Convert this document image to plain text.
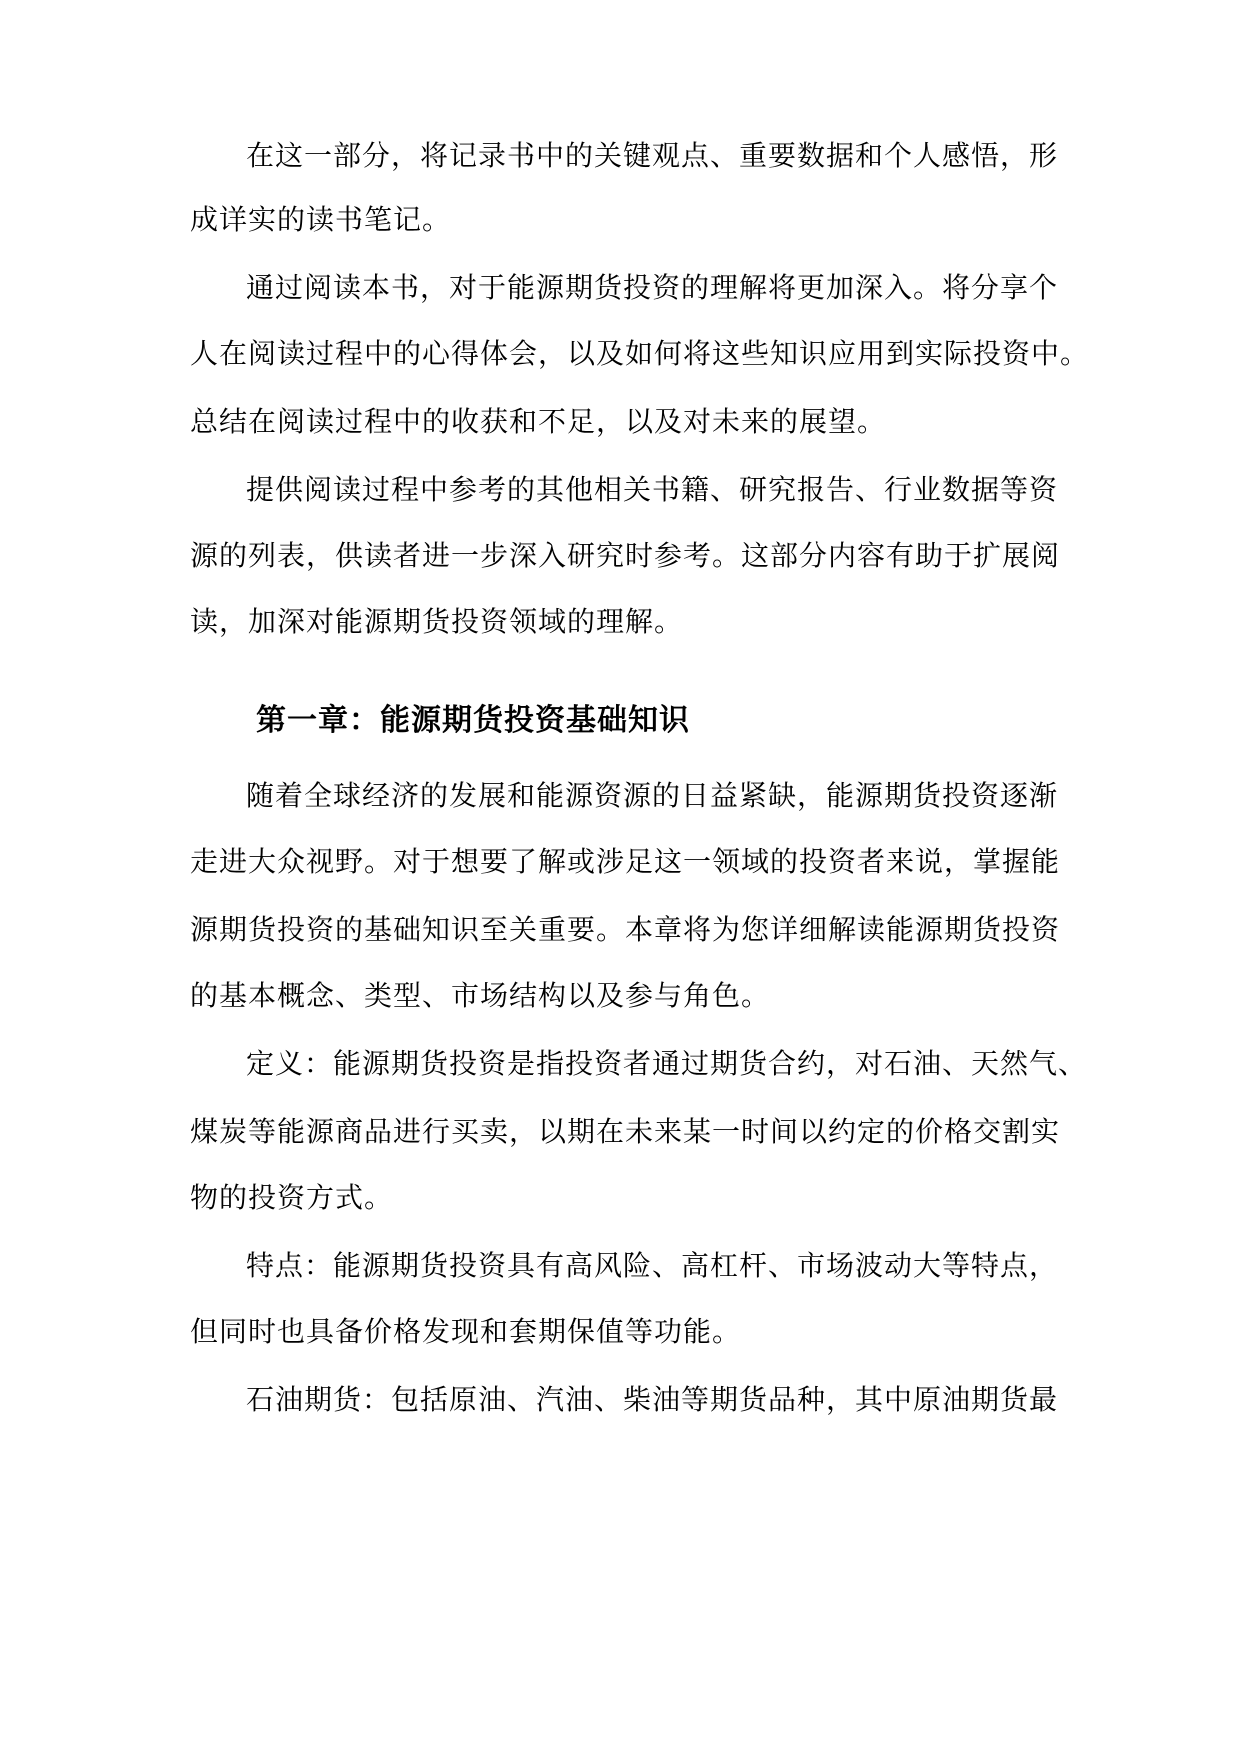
在这一部分，将记录书中的关键观点、重要数据和个人感悟，形

成详实的读书笔记。

通过阅读本书，对于能源期货投资的理解将更加深入。将分享个

人在阅读过程中的心得体会，以及如何将这些知识应用到实际投资中。

总结在阅读过程中的收获和不足，以及对未来的展望。

提供阅读过程中参考的其他相关书籍、研究报告、行业数据等资

源的列表，供读者进一步深入研究时参考。这部分内容有助于扩展阅

读，加深对能源期货投资领域的理解。

第一章：能源期货投资基础知识

随着全球经济的发展和能源资源的日益紧缺，能源期货投资逐渐

走进大众视野。对于想要了解或涉足这一领域的投资者来说，掌握能

源期货投资的基础知识至关重要。本章将为您详细解读能源期货投资

的基本概念、类型、市场结构以及参与角色。

定义：能源期货投资是指投资者通过期货合约，对石油、天然气、

煤炭等能源商品进行买卖，以期在未来某一时间以约定的价格交割实

物的投资方式。

特点：能源期货投资具有高风险、高杠杆、市场波动大等特点，

但同时也具备价格发现和套期保值等功能。

石油期货：包括原油、汽油、柴油等期货品种，其中原油期货最
